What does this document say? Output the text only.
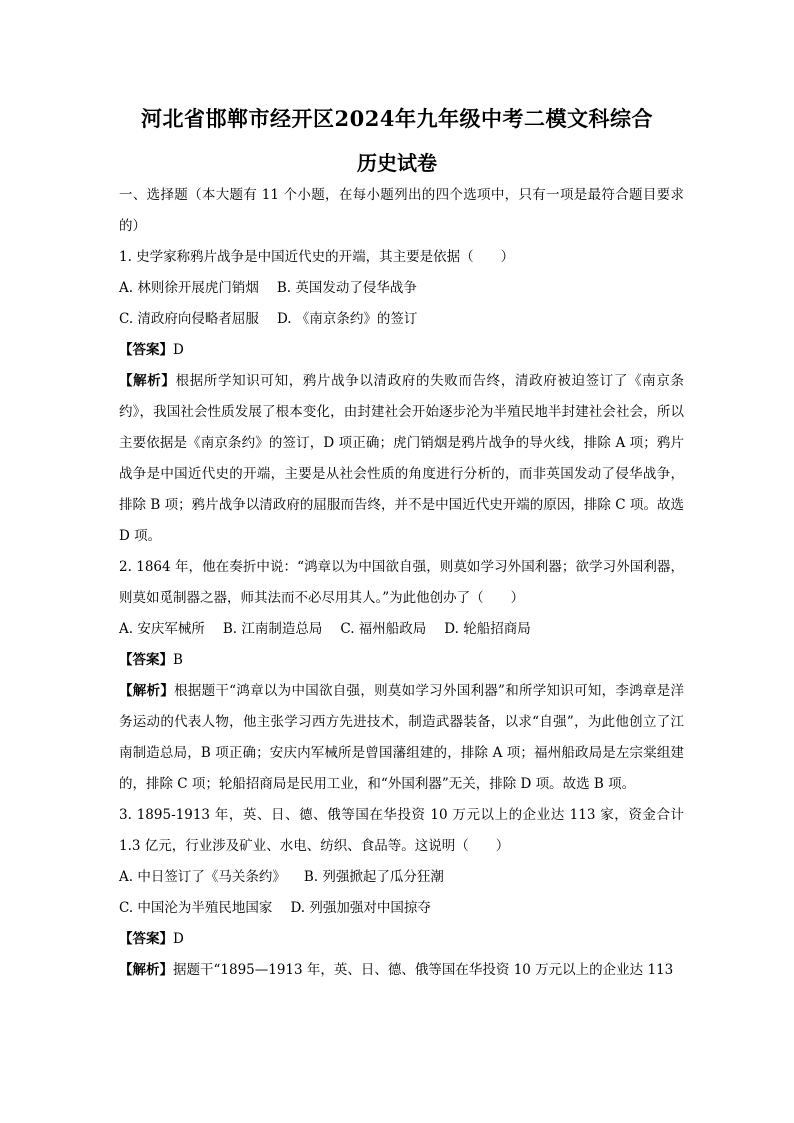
河北省邯郸市经开区2024年九年级中考二模文科综合
历史试卷

一、选择题（本大题有 11 个小题，在每小题列出的四个选项中，只有一项是最符合题目要求的）

1. 史学家称鸦片战争是中国近代史的开端，其主要是依据（　　）

A. 林则徐开展虎门销烟 B. 英国发动了侵华战争

C. 清政府向侵略者屈服 D. 《南京条约》的签订

【答案】D

【解析】根据所学知识可知，鸦片战争以清政府的失败而告终，清政府被迫签订了《南京条约》，我国社会性质发展了根本变化，由封建社会开始逐步沦为半殖民地半封建社会社会，所以主要依据是《南京条约》的签订，D 项正确；虎门销烟是鸦片战争的导火线，排除 A 项；鸦片战争是中国近代史的开端，主要是从社会性质的角度进行分析的，而非英国发动了侵华战争，排除 B 项；鸦片战争以清政府的屈服而告终，并不是中国近代史开端的原因，排除 C 项。故选 D 项。

2. 1864 年，他在奏折中说：“鸿章以为中国欲自强，则莫如学习外国利器；欲学习外国利器，则莫如觅制器之器，师其法而不必尽用其人。”为此他创办了（　　）

A. 安庆军械所 B. 江南制造总局 C. 福州船政局 D. 轮船招商局

【答案】B

【解析】根据题干“鸿章以为中国欲自强，则莫如学习外国利器”和所学知识可知，李鸿章是洋务运动的代表人物，他主张学习西方先进技术，制造武器装备，以求“自强”，为此他创立了江南制造总局，B 项正确；安庆内军械所是曾国藩组建的，排除 A 项；福州船政局是左宗棠组建的，排除 C 项；轮船招商局是民用工业，和“外国利器”无关，排除 D 项。故选 B 项。

3. 1895-1913 年，英、日、德、俄等国在华投资 10 万元以上的企业达 113 家，资金合计 1.3 亿元，行业涉及矿业、水电、纺织、食品等。这说明（　　）

A. 中日签订了《马关条约》 B. 列强掀起了瓜分狂潮

C. 中国沦为半殖民地国家 D. 列强加强对中国掠夺

【答案】D

【解析】据题干“1895—1913 年，英、日、德、俄等国在华投资 10 万元以上的企业达 113
